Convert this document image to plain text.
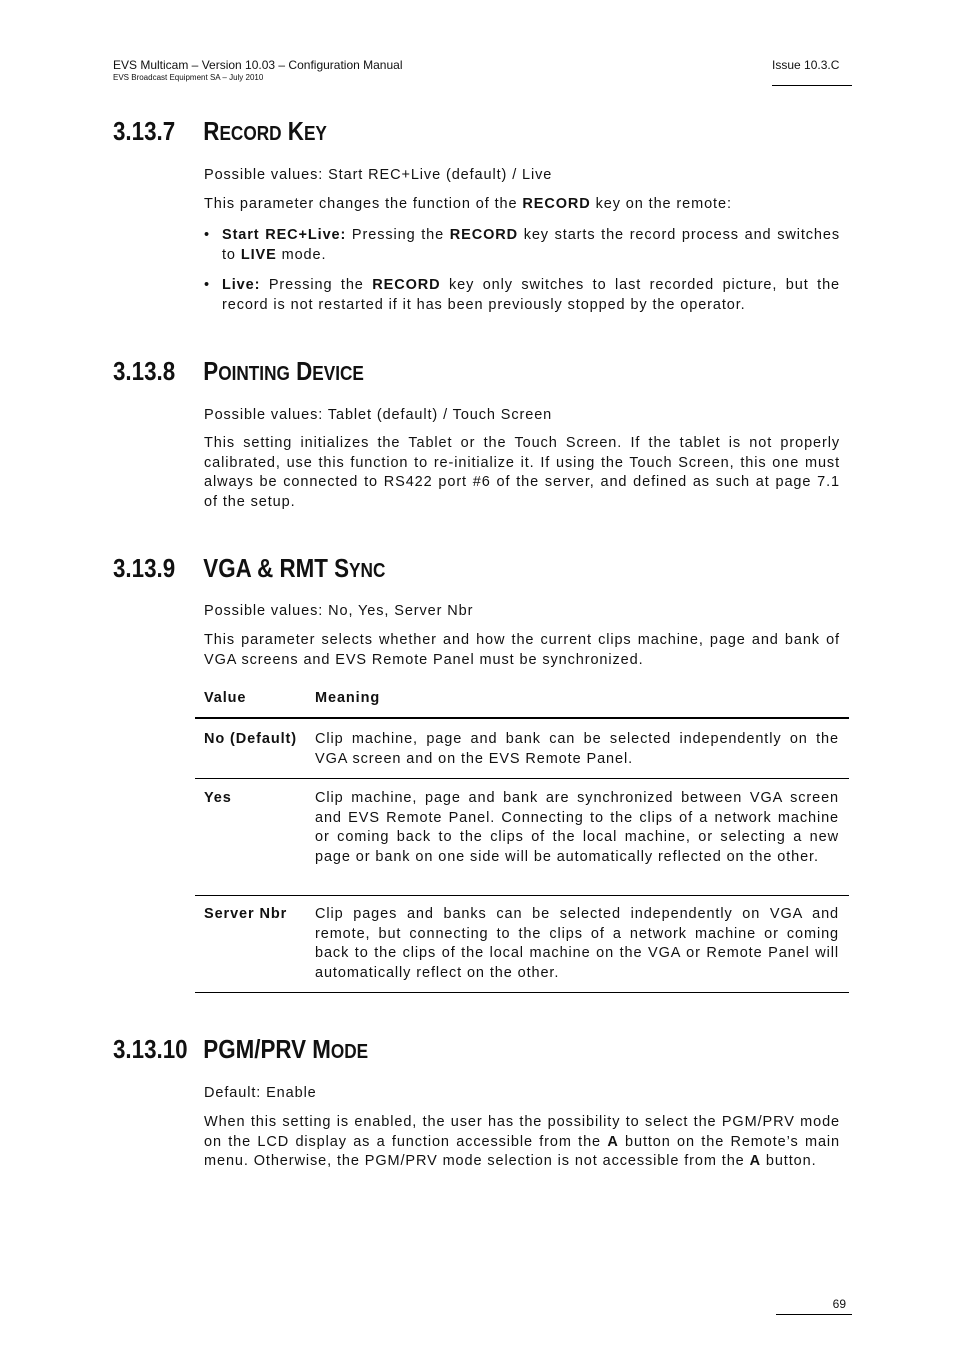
EVS Multicam – Version 10.03 – Configuration Manual
EVS Broadcast Equipment SA – July 2010
Issue 10.3.C
3.13.7 RECORD KEY

Possible values: Start REC+Live (default) / Live

This parameter changes the function of the RECORD key on the remote:

• Start REC+Live: Pressing the RECORD key starts the record process and switches to LIVE mode.
• Live: Pressing the RECORD key only switches to last recorded picture, but the record is not restarted if it has been previously stopped by the operator.
3.13.8 POINTING DEVICE

Possible values: Tablet (default) / Touch Screen

This setting initializes the Tablet or the Touch Screen. If the tablet is not properly calibrated, use this function to re-initialize it. If using the Touch Screen, this one must always be connected to RS422 port #6 of the server, and defined as such at page 7.1 of the setup.

3.13.9 VGA & RMT SYNC

Possible values: No, Yes, Server Nbr

This parameter selects whether and how the current clips machine, page and bank of VGA screens and EVS Remote Panel must be synchronized.

Value	Meaning
No (Default)	Clip machine, page and bank can be selected independently on the VGA screen and on the EVS Remote Panel.
Yes	Clip machine, page and bank are synchronized between VGA screen and EVS Remote Panel. Connecting to the clips of a network machine or coming back to the clips of the local machine, or selecting a new page or bank on one side will be automatically reflected on the other.
Server Nbr	Clip pages and banks can be selected independently on VGA and remote, but connecting to the clips of a network machine or coming back to the clips of the local machine on the VGA or Remote Panel will automatically reflect on the other.
3.13.10 PGM/PRV MODE

Default: Enable

When this setting is enabled, the user has the possibility to select the PGM/PRV mode on the LCD display as a function accessible from the A button on the Remote’s main menu. Otherwise, the PGM/PRV mode selection is not accessible from the A button.

69
